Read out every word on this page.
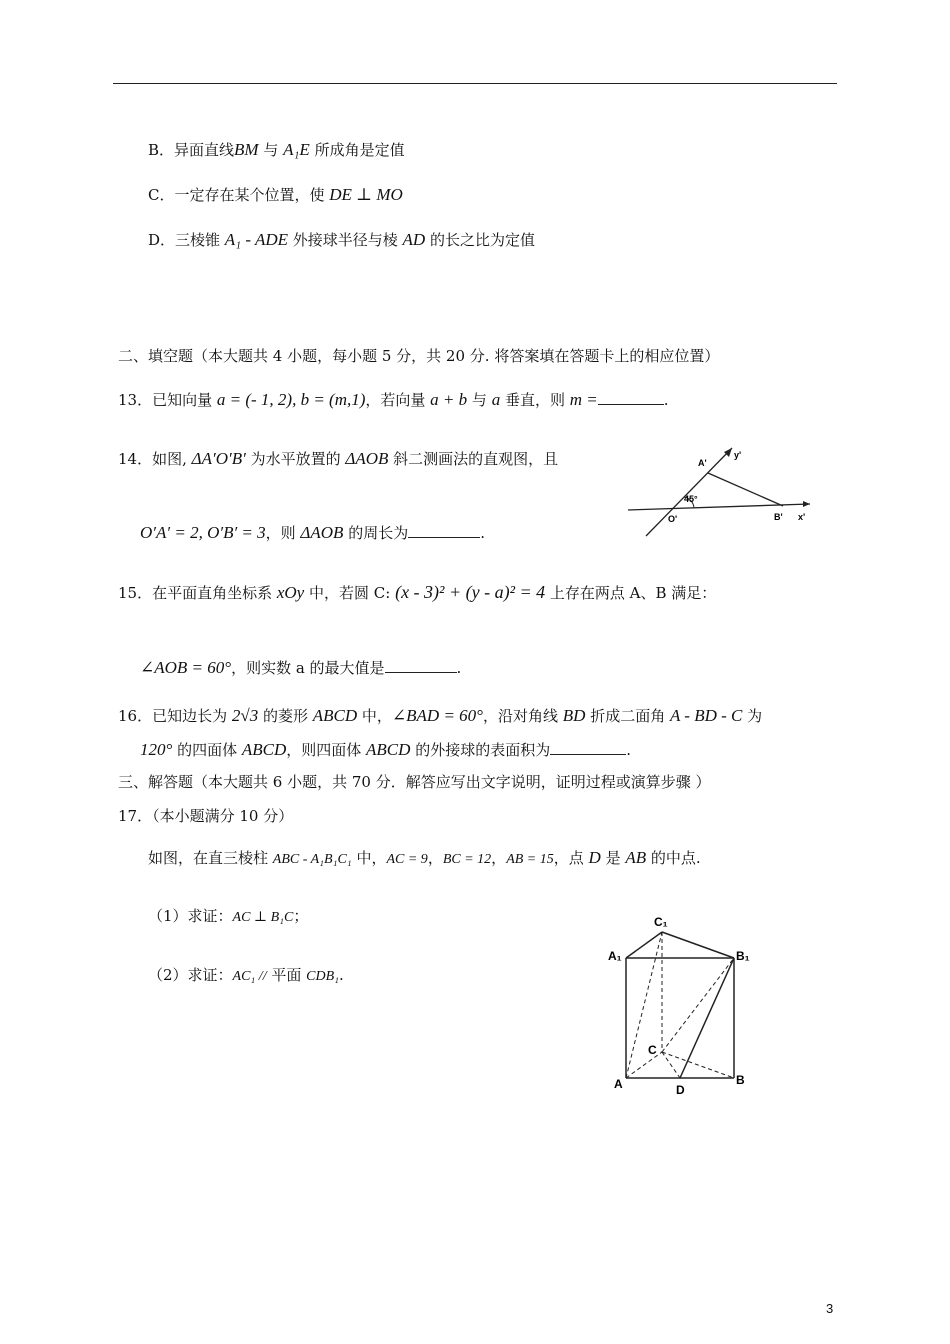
B．异面直线BM 与 A₁E 所成角是定值
C．一定存在某个位置，使 DE ⊥ MO
D．三棱锥 A₁ - ADE 外接球半径与棱 AD 的长之比为定值
二、填空题（本大题共 4 小题，每小题 5 分，共 20 分. 将答案填在答题卡上的相应位置）
13．已知向量 a = (- 1, 2), b = (m,1)，若向量 a + b 与 a 垂直，则 m =	.
14．如图, ΔA′O′B′ 为水平放置的 ΔAOB 斜二测画法的直观图，且
O′A′ = 2, O′B′ = 3，则 ΔAOB 的周长为	.
A'
y'
45°
O'	B' x'
15．在平面直角坐标系 xOy 中，若圆 C: (x - 3)² + (y - a)² = 4 上存在两点 A、B 满足：
∠AOB = 60°，则实数 a 的最大值是	.
16．已知边长为 2√3 的菱形 ABCD 中，∠BAD = 60°，沿对角线 BD 折成二面角 A - BD - C 为
120° 的四面体 ABCD，则四面体 ABCD 的外接球的表面积为	.
三、解答题（本大题共 6 小题，共 70 分．解答应写出文字说明，证明过程或演算步骤 ）
17．（本小题满分 10 分）
如图，在直三棱柱 ABC - A₁B₁C₁ 中，AC = 9，BC = 12，AB = 15，点 D 是 AB 的中点.
（1）求证：AC ⊥ B₁C；
（2）求证：AC₁ // 平面 CDB₁.
C₁
A₁	B₁
C
A	D
B
3
